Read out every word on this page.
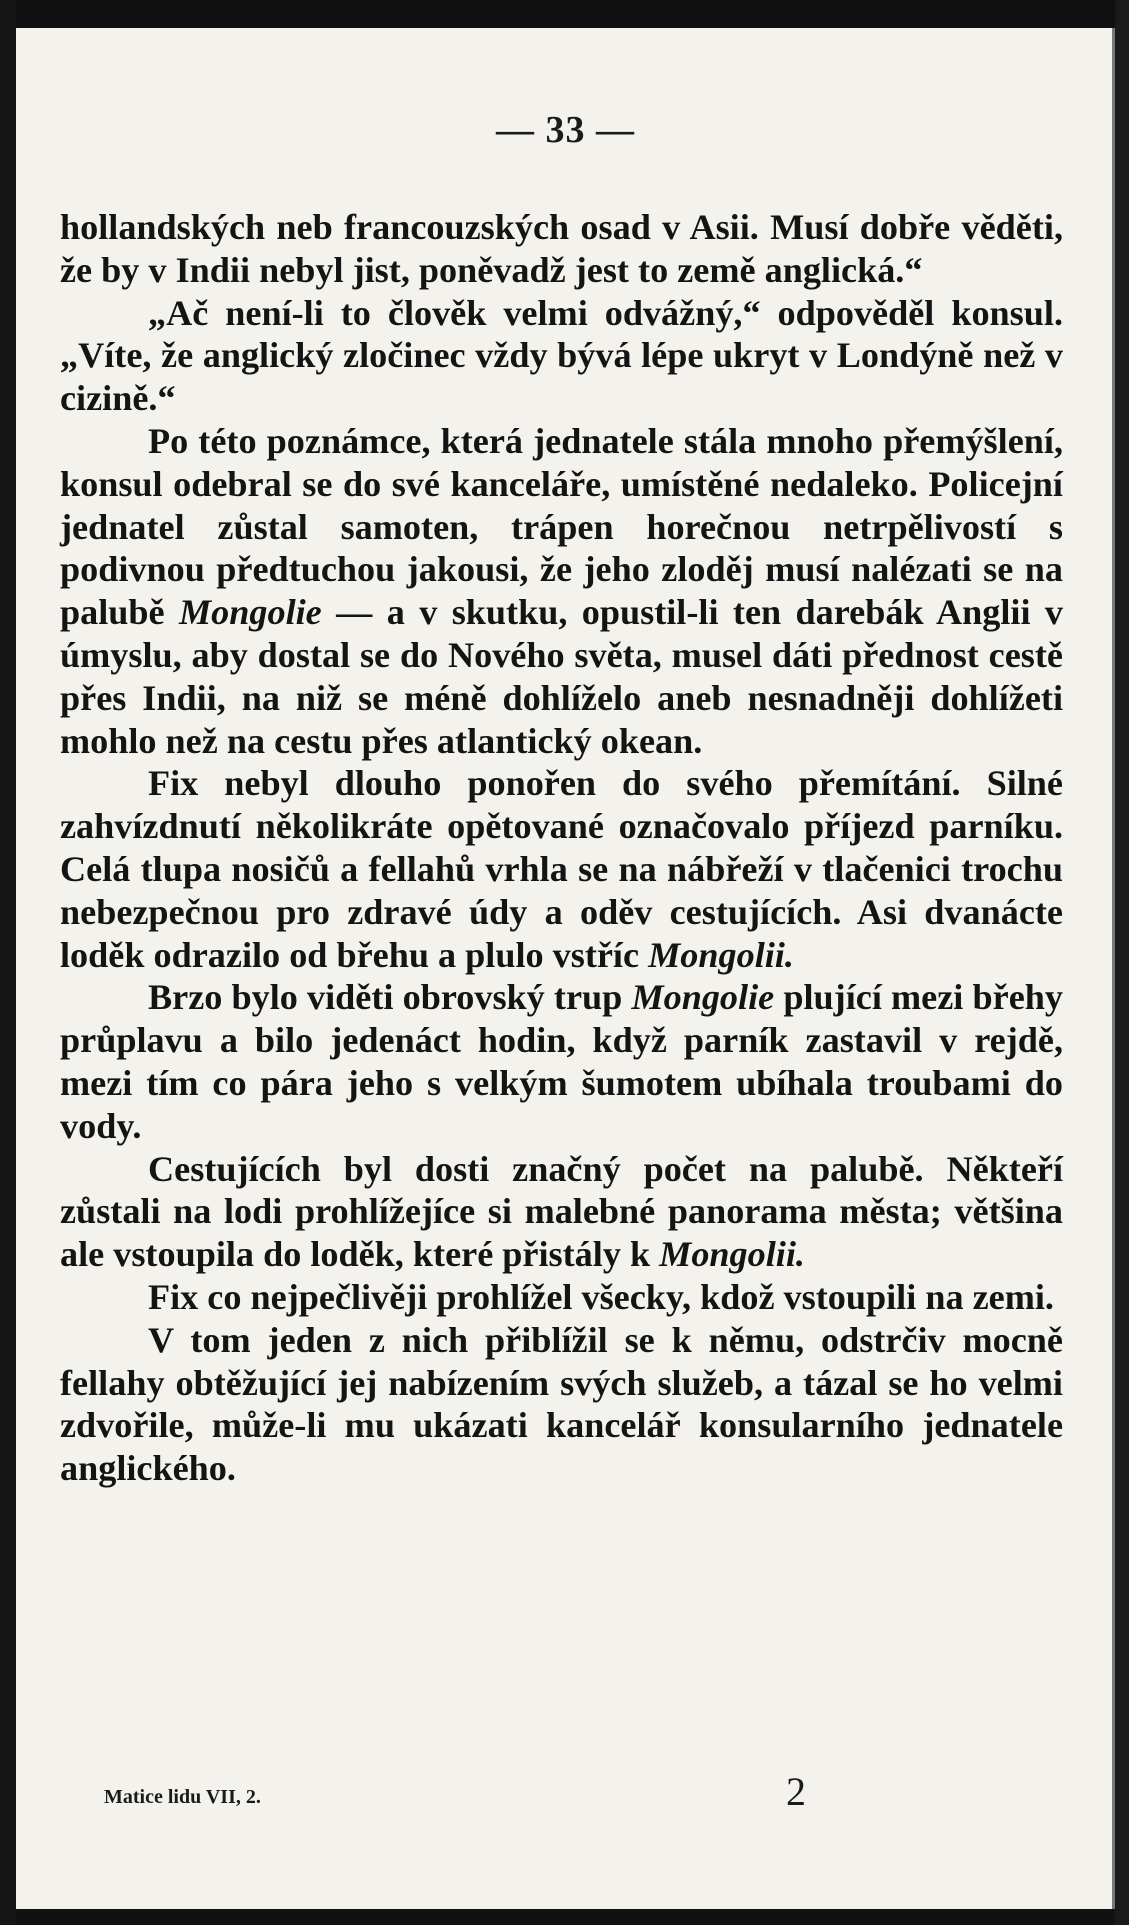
— 33 —

hollandských neb francouzských osad v Asii. Musí dobře věděti, že by v Indii nebyl jist, poněvadž jest to země anglická.“

„Ač není-li to člověk velmi odvážný,“ odpověděl konsul. „Víte, že anglický zločinec vždy bývá lépe ukryt v Londýně než v cizině.“

Po této poznámce, která jednatele stála mnoho přemýšlení, konsul odebral se do své kanceláře, umístěné nedaleko. Policejní jednatel zůstal samoten, trápen horečnou netrpělivostí s podivnou předtuchou jakousi, že jeho zloděj musí nalézati se na palubě Mongolie — a v skutku, opustil-li ten darebák Anglii v úmyslu, aby dostal se do Nového světa, musel dáti přednost cestě přes Indii, na niž se méně dohlíželo aneb nesnadněji dohlížeti mohlo než na cestu přes atlantický okean.

Fix nebyl dlouho ponořen do svého přemítání. Silné zahvízdnutí několikráte opětované označovalo příjezd parníku. Celá tlupa nosičů a fellahů vrhla se na nábřeží v tlačenici trochu nebezpečnou pro zdravé údy a oděv cestujících. Asi dvanácte loděk odrazilo od břehu a plulo vstříc Mongolii.

Brzo bylo viděti obrovský trup Mongolie plující mezi břehy průplavu a bilo jedenáct hodin, když parník zastavil v rejdě, mezi tím co pára jeho s velkým šumotem ubíhala troubami do vody.

Cestujících byl dosti značný počet na palubě. Někteří zůstali na lodi prohlížejíce si malebné panorama města; většina ale vstoupila do loděk, které přistály k Mongolii.

Fix co nejpečlivěji prohlížel všecky, kdož vstoupili na zemi.

V tom jeden z nich přiblížil se k němu, odstrčiv mocně fellahy obtěžující jej nabízením svých služeb, a tázal se ho velmi zdvořile, může-li mu ukázati kancelář konsularního jednatele anglického.

Matice lidu VII, 2.	2
